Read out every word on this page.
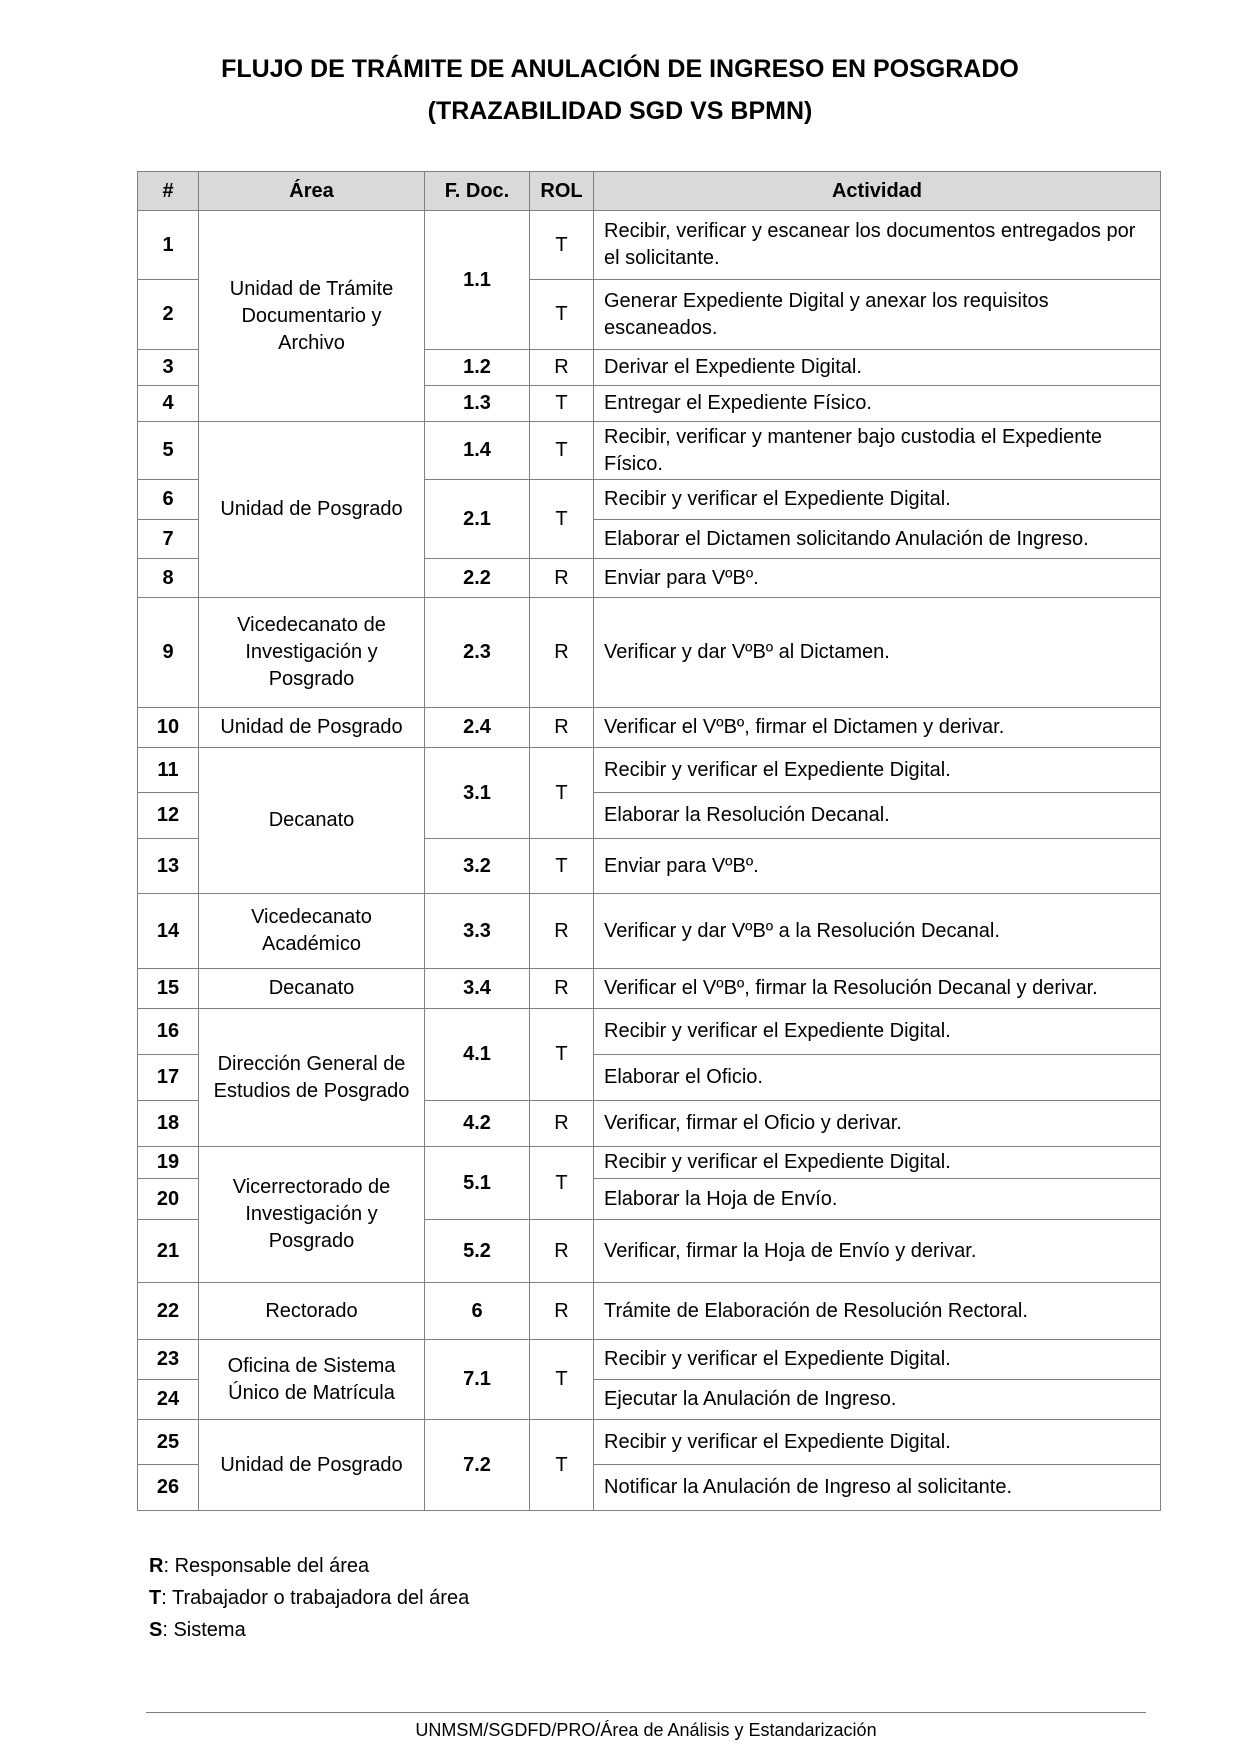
FLUJO DE TRÁMITE DE ANULACIÓN DE INGRESO EN POSGRADO
(TRAZABILIDAD SGD VS BPMN)
#	Área	F. Doc.	ROL	Actividad
1	Unidad de Trámite Documentario y Archivo	1.1	T	Recibir, verificar y escanear los documentos entregados por el solicitante.
2			T	Generar Expediente Digital y anexar los requisitos escaneados.
3		1.2	R	Derivar el Expediente Digital.
4		1.3	T	Entregar el Expediente Físico.
5	Unidad de Posgrado	1.4	T	Recibir, verificar y mantener bajo custodia el Expediente Físico.
6		2.1	T	Recibir y verificar el Expediente Digital.
7				Elaborar el Dictamen solicitando Anulación de Ingreso.
8		2.2	R	Enviar para VºBº.
9	Vicedecanato de Investigación y Posgrado	2.3	R	Verificar y dar VºBº al Dictamen.
10	Unidad de Posgrado	2.4	R	Verificar el VºBº, firmar el Dictamen y derivar.
11	Decanato	3.1	T	Recibir y verificar el Expediente Digital.
12				Elaborar la Resolución Decanal.
13		3.2	T	Enviar para VºBº.
14	Vicedecanato Académico	3.3	R	Verificar y dar VºBº a la Resolución Decanal.
15	Decanato	3.4	R	Verificar el VºBº, firmar la Resolución Decanal y derivar.
16	Dirección General de Estudios de Posgrado	4.1	T	Recibir y verificar el Expediente Digital.
17				Elaborar el Oficio.
18		4.2	R	Verificar, firmar el Oficio y derivar.
19	Vicerrectorado de Investigación y Posgrado	5.1	T	Recibir y verificar el Expediente Digital.
20				Elaborar la Hoja de Envío.
21		5.2	R	Verificar, firmar la Hoja de Envío y derivar.
22	Rectorado	6	R	Trámite de Elaboración de Resolución Rectoral.
23	Oficina de Sistema Único de Matrícula	7.1	T	Recibir y verificar el Expediente Digital.
24				Ejecutar la Anulación de Ingreso.
25	Unidad de Posgrado	7.2	T	Recibir y verificar el Expediente Digital.
26				Notificar la Anulación de Ingreso al solicitante.
R: Responsable del área
T: Trabajador o trabajadora del área
S: Sistema
UNMSM/SGDFD/PRO/Área de Análisis y Estandarización
